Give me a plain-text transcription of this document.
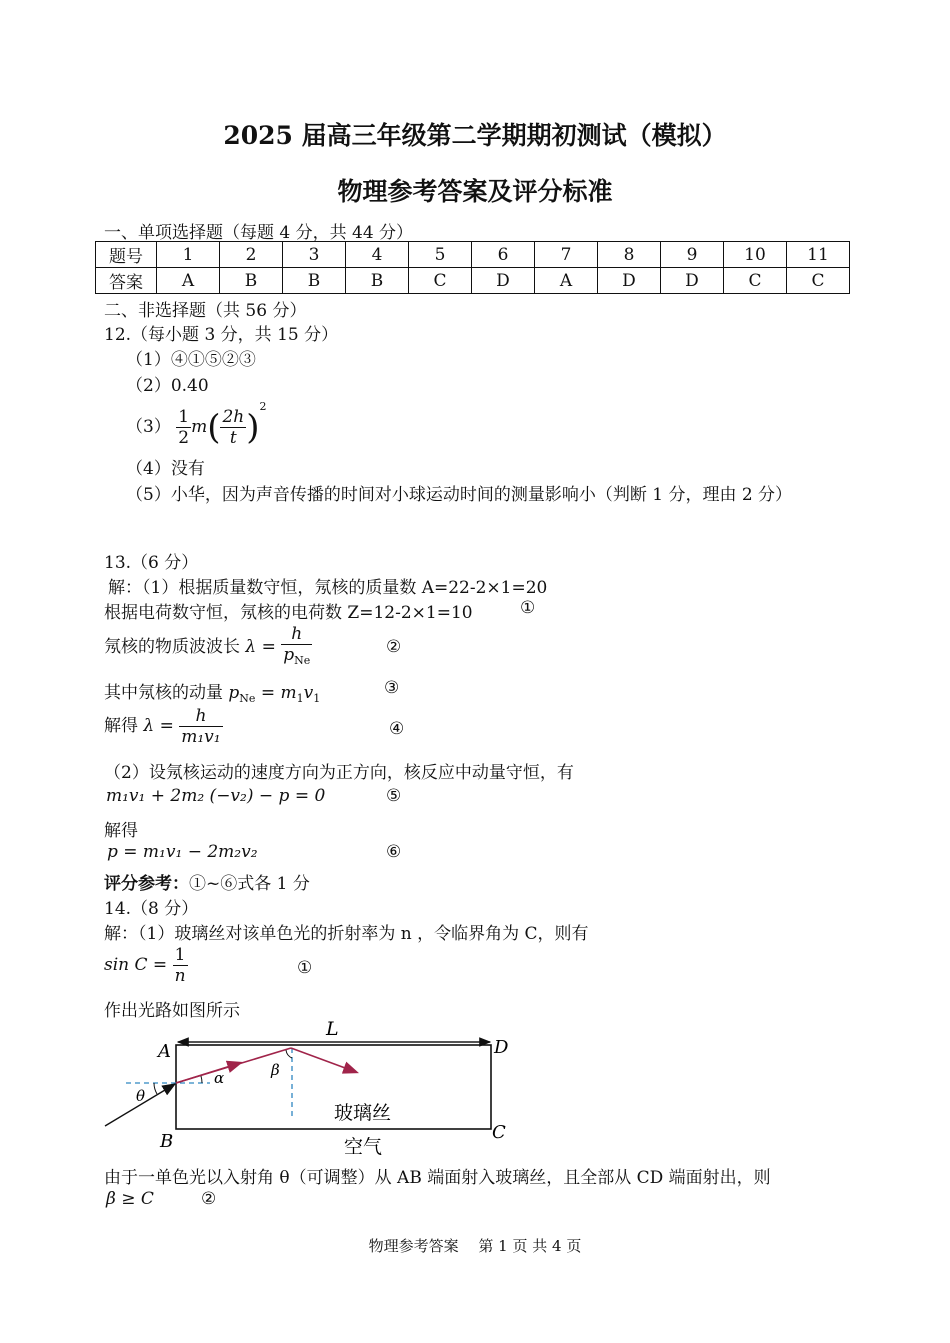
2025 届高三年级第二学期期初测试（模拟）
物理参考答案及评分标准
一、单项选择题（每题 4 分，共 44 分）
题号	1	2	3	4	5	6	7	8	9	10	11
答案	A	B	B	B	C	D	A	D	D	C	C
二、非选择题（共 56 分）
12.（每小题 3 分，共 15 分）
（1）④①⑤②③
（2）0.40
$(3) \frac{1}{2} m( \frac{2h}{t} )^2$
（4）没有
（5）小华，因为声音传播的时间对小球运动时间的测量影响小（判断 1 分，理由 2 分）
13.（6 分）
解：（1）根据质量数守恒，氖核的质量数 A=22-2×1=20
根据电荷数守恒，氖核的电荷数 Z=12-2×1=10	①
氖核的物质波波长 $\lambda = \frac{h}{p_{Ne}}$	②
其中氖核的动量 $p_{Ne} = m_1v_1$
③
解得 $\lambda = \frac{h}{\text{m₁v₁}}$	④
（2）设氖核运动的速度方向为正方向，核反应中动量守恒，有
m₁v₁ + 2m₂ (−v₂) − p = 0	⑤
解得
p = m₁v₁ − 2m₂v₂	⑥
评分参考：①~⑥式各 1 分
14.（8 分）
解：（1）玻璃丝对该单色光的折射率为 n ，令临界角为 C，则有
$\sin C = \frac{1}{n}$	①
作出光路如图所示
L
A	D
B	C
θ
α	β
玻璃丝
空气
由于一单色光以入射角 θ（可调整）从 AB 端面射入玻璃丝，且全部从 CD 端面射出，则
β ≥ C	②
物理参考答案　 第 1 页 共 4 页
